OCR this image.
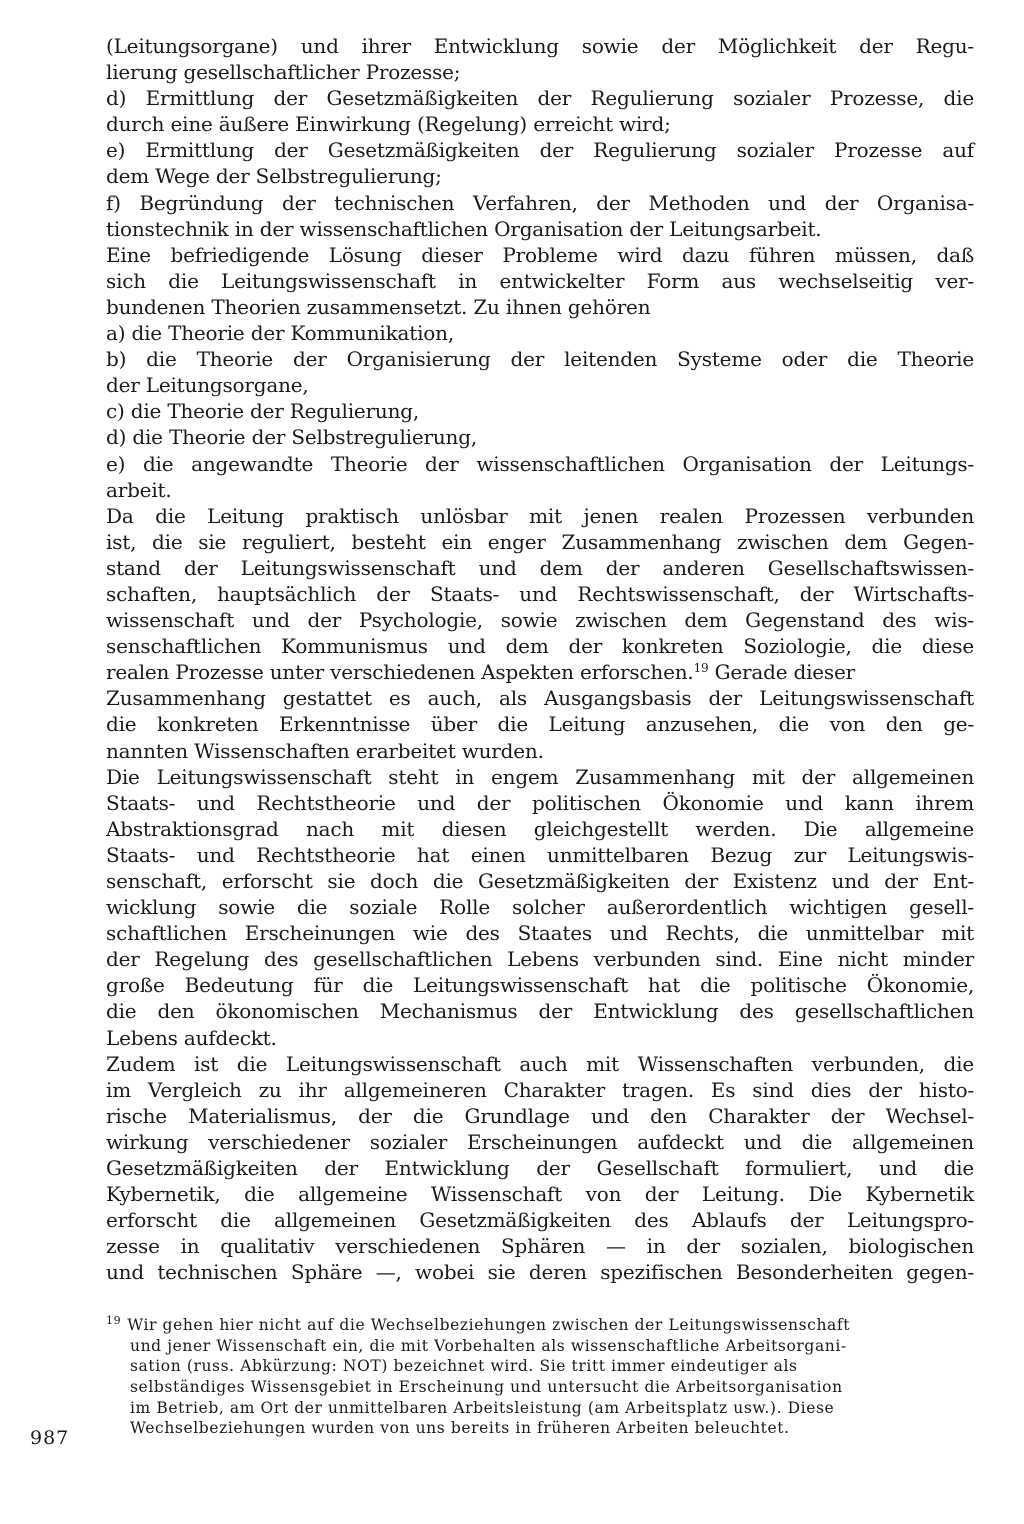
(Leitungsorgane) und ihrer Entwicklung sowie der Möglichkeit der Regu-
lierung gesellschaftlicher Prozesse;
d) Ermittlung der Gesetzmäßigkeiten der Regulierung sozialer Prozesse, die
durch eine äußere Einwirkung (Regelung) erreicht wird;
e) Ermittlung der Gesetzmäßigkeiten der Regulierung sozialer Prozesse auf
dem Wege der Selbstregulierung;
f) Begründung der technischen Verfahren, der Methoden und der Organisa-
tionstechnik in der wissenschaftlichen Organisation der Leitungsarbeit.
Eine befriedigende Lösung dieser Probleme wird dazu führen müssen, daß
sich die Leitungswissenschaft in entwickelter Form aus wechselseitig ver-
bundenen Theorien zusammensetzt. Zu ihnen gehören
a) die Theorie der Kommunikation,
b) die Theorie der Organisierung der leitenden Systeme oder die Theorie
der Leitungsorgane,
c) die Theorie der Regulierung,
d) die Theorie der Selbstregulierung,
e) die angewandte Theorie der wissenschaftlichen Organisation der Leitungs-
arbeit.
Da die Leitung praktisch unlösbar mit jenen realen Prozessen verbunden
ist, die sie reguliert, besteht ein enger Zusammenhang zwischen dem Gegen-
stand der Leitungswissenschaft und dem der anderen Gesellschaftswissen-
schaften, hauptsächlich der Staats- und Rechtswissenschaft, der Wirtschafts-
wissenschaft und der Psychologie, sowie zwischen dem Gegenstand des wis-
senschaftlichen Kommunismus und dem der konkreten Soziologie, die diese
realen Prozesse unter verschiedenen Aspekten erforschen.$^{19}$ Gerade dieser
Zusammenhang gestattet es auch, als Ausgangsbasis der Leitungswissenschaft
die konkreten Erkenntnisse über die Leitung anzusehen, die von den ge-
nannten Wissenschaften erarbeitet wurden.
Die Leitungswissenschaft steht in engem Zusammenhang mit der allgemeinen
Staats- und Rechtstheorie und der politischen Ökonomie und kann ihrem
Abstraktionsgrad nach mit diesen gleichgestellt werden. Die allgemeine
Staats- und Rechtstheorie hat einen unmittelbaren Bezug zur Leitungswis-
senschaft, erforscht sie doch die Gesetzmäßigkeiten der Existenz und der Ent-
wicklung sowie die soziale Rolle solcher außerordentlich wichtigen gesell-
schaftlichen Erscheinungen wie des Staates und Rechts, die unmittelbar mit
der Regelung des gesellschaftlichen Lebens verbunden sind. Eine nicht minder
große Bedeutung für die Leitungswissenschaft hat die politische Ökonomie,
die den ökonomischen Mechanismus der Entwicklung des gesellschaftlichen
Lebens aufdeckt.
Zudem ist die Leitungswissenschaft auch mit Wissenschaften verbunden, die
im Vergleich zu ihr allgemeineren Charakter tragen. Es sind dies der histo-
rische Materialismus, der die Grundlage und den Charakter der Wechsel-
wirkung verschiedener sozialer Erscheinungen aufdeckt und die allgemeinen
Gesetzmäßigkeiten der Entwicklung der Gesellschaft formuliert, und die
Kybernetik, die allgemeine Wissenschaft von der Leitung. Die Kybernetik
erforscht die allgemeinen Gesetzmäßigkeiten des Ablaufs der Leitungspro-
zesse in qualitativ verschiedenen Sphären — in der sozialen, biologischen
und technischen Sphäre —, wobei sie deren spezifischen Besonderheiten gegen-
$^{19}$ Wir gehen hier nicht auf die Wechselbeziehungen zwischen der Leitungswissenschaft
und jener Wissenschaft ein, die mit Vorbehalten als wissenschaftliche Arbeitsorgani-
sation (russ. Abkürzung: NOT) bezeichnet wird. Sie tritt immer eindeutiger als
selbständiges Wissensgebiet in Erscheinung und untersucht die Arbeitsorganisation
im Betrieb, am Ort der unmittelbaren Arbeitsleistung (am Arbeitsplatz usw.). Diese
Wechselbeziehungen wurden von uns bereits in früheren Arbeiten beleuchtet.
987
